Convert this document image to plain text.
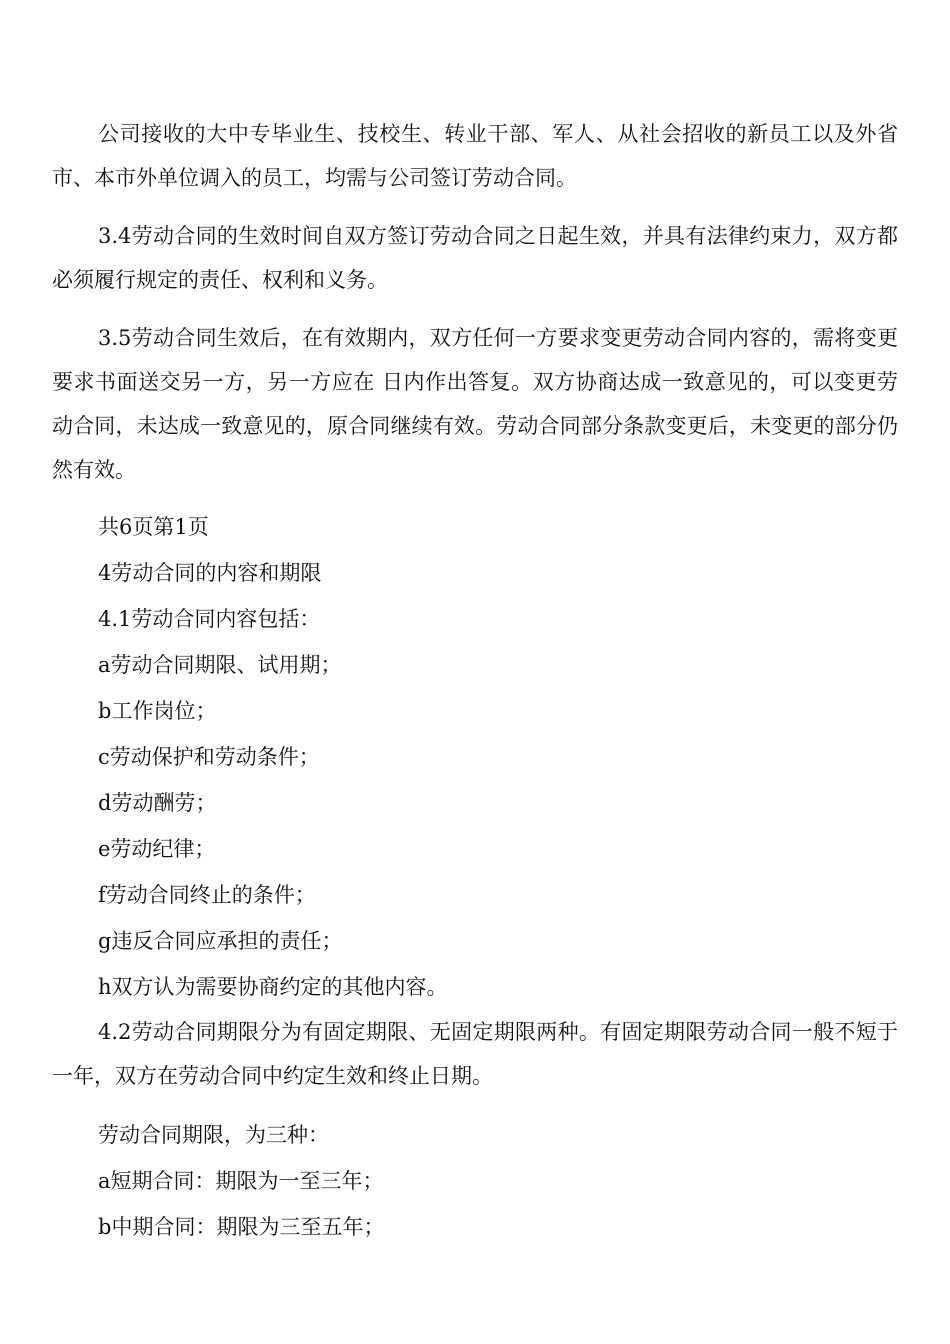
公司接收的大中专毕业生、技校生、转业干部、军人、从社会招收的新员工以及外省市、本市外单位调入的员工，均需与公司签订劳动合同。

3.4劳动合同的生效时间自双方签订劳动合同之日起生效，并具有法律约束力，双方都必须履行规定的责任、权利和义务。

3.5劳动合同生效后，在有效期内，双方任何一方要求变更劳动合同内容的，需将变更要求书面送交另一方，另一方应在 日内作出答复。双方协商达成一致意见的，可以变更劳动合同，未达成一致意见的，原合同继续有效。劳动合同部分条款变更后，未变更的部分仍然有效。

共6页第1页

4劳动合同的内容和期限

4.1劳动合同内容包括：

a劳动合同期限、试用期；

b工作岗位；

c劳动保护和劳动条件；

d劳动酬劳；

e劳动纪律；

f劳动合同终止的条件；

g违反合同应承担的责任；

h双方认为需要协商约定的其他内容。

4.2劳动合同期限分为有固定期限、无固定期限两种。有固定期限劳动合同一般不短于一年，双方在劳动合同中约定生效和终止日期。

劳动合同期限，为三种：

a短期合同：期限为一至三年；

b中期合同：期限为三至五年；
